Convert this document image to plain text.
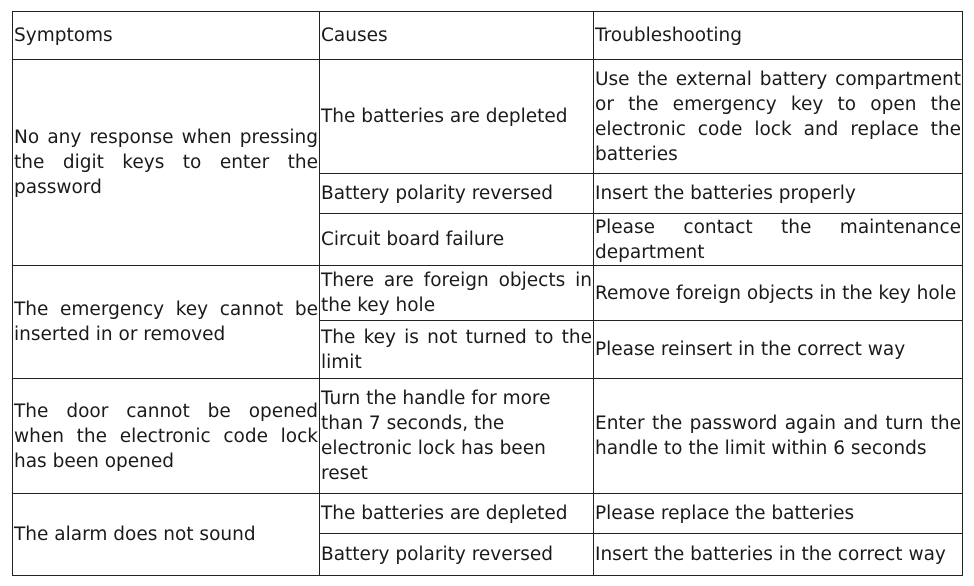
Symptoms	Causes	Troubleshooting
No any response when pressing the digit keys to enter the password	The batteries are depleted	Use the external battery compartment or the emergency key to open the electronic code lock and replace the batteries
	Battery polarity reversed	Insert the batteries properly
	Circuit board failure	Please contact the maintenance department
The emergency key cannot be inserted in or removed	There are foreign objects in the key hole	Remove foreign objects in the key hole
	The key is not turned to the limit	Please reinsert in the correct way
The door cannot be opened when the electronic code lock has been opened	Turn the handle for more than 7 seconds, the electronic lock has been reset	Enter the password again and turn the handle to the limit within 6 seconds
The alarm does not sound	The batteries are depleted	Please replace the batteries
	Battery polarity reversed	Insert the batteries in the correct way
